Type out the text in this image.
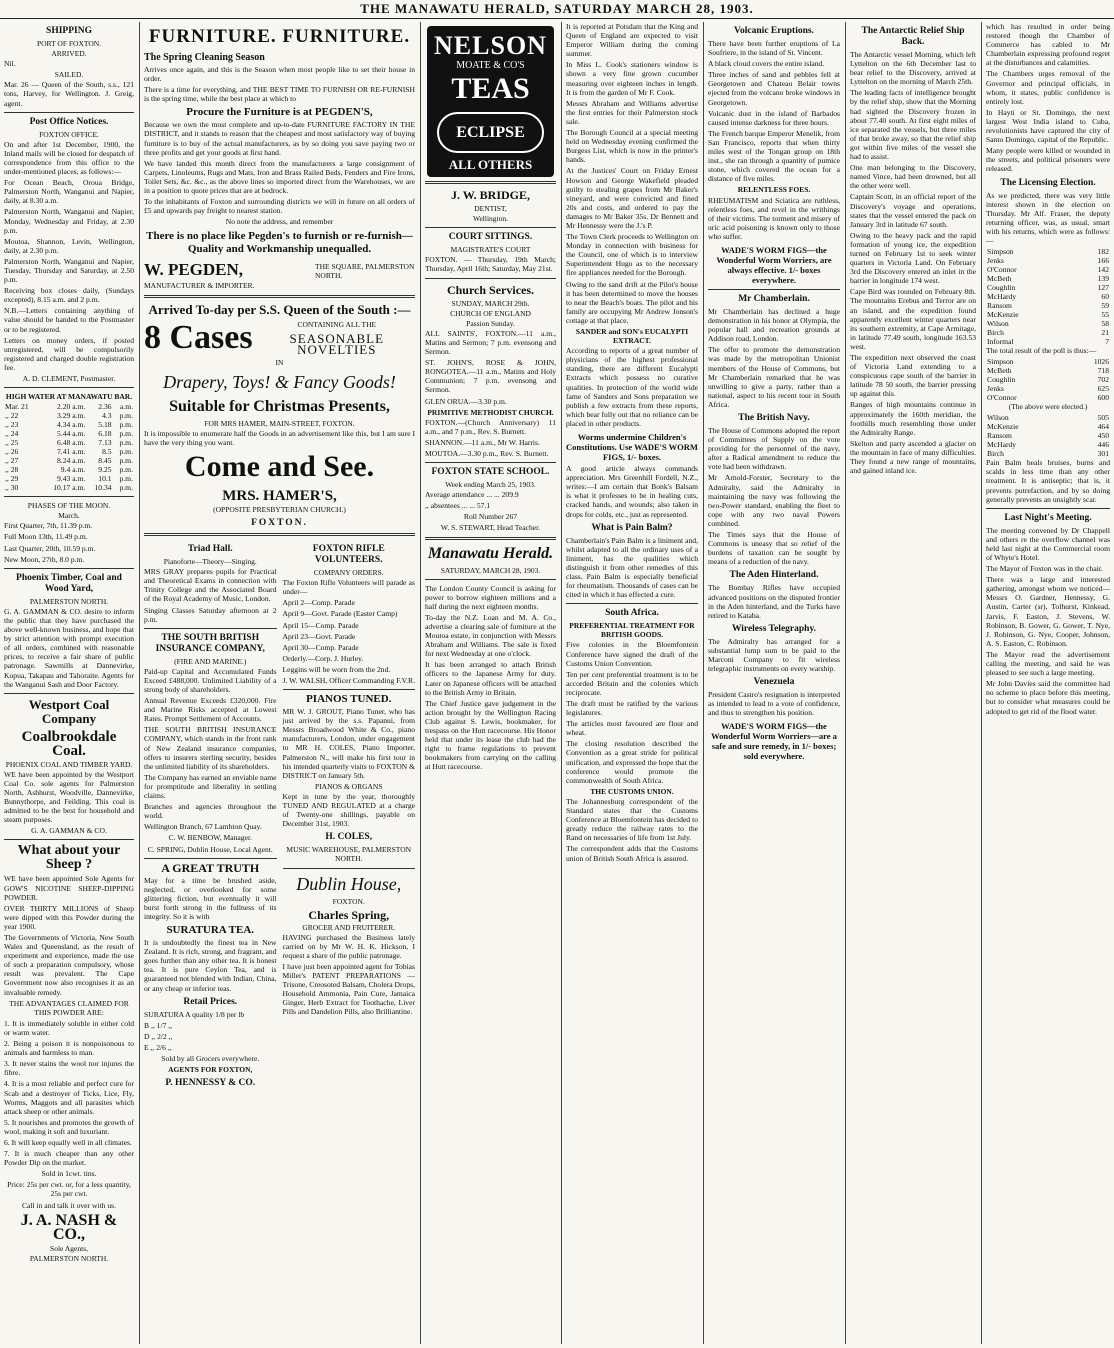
THE MANAWATU HERALD, SATURDAY MARCH 28, 1903.
SHIPPING
PORT OF FOXTON.
ARRIVED.

Nil.

SAILED.

Mar. 26 — Queen of the South, s.s., 121 tons, Harvey, for Wellington. J. Greig, agent.

Post Office Notices.
FOXTON OFFICE.

On and after 1st December, 1900, the Inland mails will be closed for despatch of correspondence from this office to the under-mentioned places, as follows:—

For Ocean Beach, Oroua Bridge, Palmerston North, Wanganui and Napier, daily, at 8.30 a.m.

Palmerston North, Wanganui and Napier, Monday, Wednesday and Friday, at 2.30 p.m.

Moutoa, Shannon, Levin, Wellington, daily, at 2.30 p.m.

Palmerston North, Wanganui and Napier, Tuesday, Thursday and Saturday, at 2.50 p.m.

Receiving box closes daily, (Sundays excepted), 8.15 a.m. and 2 p.m.

N.B.—Letters containing anything of value should be handed to the Postmaster or to be registered.

Letters on money orders, if posted unregistered, will be compulsorily registered and charged double registration fee.

A. D. CLEMENT, Postmaster.

HIGH WATER AT MANAWATU BAR.
Mar. 21	2.20 a.m.	2.36	a.m.
,, 22	3.29 a.m.	4.3	p.m.
,, 23	4.34 a.m.	5.18	p.m.
,, 24	5.44 a.m.	6.18	p.m.
,, 25	6.48 a.m.	7.13	p.m.
,, 26	7.41 a.m.	8.5	p.m.
,, 27	8.24 a.m.	8.45	p.m.
,, 28	9.4 a.m.	9.25	p.m.
,, 29	9.43 a.m.	10.1	p.m.
,, 30	10.17 a.m.	10.34	p.m.
PHASES OF THE MOON.
March.

First Quarter, 7th, 11.39 p.m.

Full Moon 13th, 11.49 p.m.

Last Quarter, 20th, 10.59 p.m.

New Moon, 27th, 8.0 p.m.

Phoenix Timber, Coal and Wood Yard,
PALMERSTON NORTH.

G. A. GAMMAN & CO. desire to inform the public that they have purchased the above well-known business, and hope that by strict attention with prompt execution of all orders, combined with reasonable prices, to receive a fair share of public patronage. Sawmills at Dannevirke, Kopua, Takapau and Tahoraite. Agents for the Wanganui Sash and Door Factory.

Westport Coal Company
Coalbrookdale Coal.
PHOENIX COAL AND TIMBER YARD.

WE have been appointed by the Westport Coal Co. sole agents for Palmerston North, Ashhurst, Woodville, Dannevirke, Bunnythorpe, and Feilding. This coal is admitted to be the best for household and steam purposes.

G. A. GAMMAN & CO.

What about your Sheep ?

WE have been appointed Sole Agents for GOW'S NICOTINE SHEEP-DIPPING POWDER.

OVER THIRTY MILLIONS of Sheep were dipped with this Powder during the year 1900.

The Governments of Victoria, New South Wales and Queensland, as the result of experiment and experience, made the use of such a preparation compulsory, whose result was prevalent. The Cape Government now also recognises it as an invaluable remedy.

THE ADVANTAGES CLAIMED FOR THIS POWDER ARE:

1. It is immediately soluble in either cold or warm water.

2. Being a poison it is nonpoisonous to animals and harmless to man.

3. It never stains the wool nor injures the fibre.

4. It is a most reliable and perfect cure for Scab and a destroyer of Ticks, Lice, Fly, Worms, Maggots and all parasites which attack sheep or other animals.

5. It nourishes and promotes the growth of wool, making it soft and luxuriant.

6. It will keep equally well in all climates.

7. It is much cheaper than any other Powder Dip on the market.

Sold in 1cwt. tins.

Price: 25s per cwt. or, for a less quantity, 25s per cwt.

Call in and talk it over with us.

J. A. NASH & CO.,
Sole Agents,
PALMERSTON NORTH.
FURNITURE. FURNITURE.
The Spring Cleaning Season

Arrives once again, and this is the Season when most people like to set their house in order.

There is a time for everything, and THE BEST TIME TO FURNISH OR RE-FURNISH is the spring time, while the best place at which to

Procure the Furniture is at PEGDEN'S,

Because we own the most complete and up-to-date FURNITURE FACTORY IN THE DISTRICT, and it stands to reason that the cheapest and most satisfactory way of buying furniture is to buy of the actual manufacturers, as by so doing you save paying two or three profits and get your goods at first hand.

We have landed this month direct from the manufacturers a large consignment of Carpets, Linoleums, Rugs and Mats, Iron and Brass Railed Beds, Fenders and Fire Irons, Toilet Sets, &c. &c., as the above lines so imported direct from the Warehouses, we are in a position to quote prices that are at bedrock.

To the inhabitants of Foxton and surrounding districts we will in future on all orders of £5 and upwards pay freight to nearest station.

No note the address, and remember

There is no place like Pegden's to furnish or re-furnish—Quality and Workmanship unequalled.
W. PEGDEN,	THE SQUARE, PALMERSTON NORTH.
MANUFACTURER & IMPORTER.
Arrived To-day per S.S. Queen of the South :—
8 Cases	CONTAINING ALL THE
SEASONABLE NOVELTIES
IN
Drapery, Toys! & Fancy Goods!
Suitable for Christmas Presents,
FOR MRS HAMER, MAIN-STREET, FOXTON.

It is impossible to enumerate half the Goods in an advertisement like this, but I am sure I have the very thing you want.

Come and See.
MRS. HAMER'S,
(OPPOSITE PRESBYTERIAN CHURCH.)
FOXTON.
Triad Hall.
Pianoforte—Theory—Singing.

MRS GRAY prepares pupils for Practical and Theoretical Exams in connection with Trinity College and the Associated Board of the Royal Academy of Music, London.

Singing Classes Saturday afternoon at 2 p.m.

THE SOUTH BRITISH INSURANCE COMPANY,
(FIRE AND MARINE.)

Paid-up Capital and Accumulated Funds Exceed £488,000. Unlimited Liability of a strong body of shareholders.

Annual Revenue Exceeds £320,000. Fire and Marine Risks accepted at Lowest Rates. Prompt Settlement of Accounts.

THE SOUTH BRITISH INSURANCE COMPANY, which stands in the front rank of New Zealand insurance companies, offers to insurers sterling security, besides the unlimited liability of its shareholders.

The Company has earned an enviable name for promptitude and liberality in settling claims.

Branches and agencies throughout the world.

Wellington Branch, 67 Lambton Quay.

C. W. BENBOW, Manager.

C. SPRING, Dublin House, Local Agent.

A GREAT TRUTH

May for a time be brushed aside, neglected, or overlooked for some glittering fiction, but eventually it will burst forth strong in the fullness of its integrity. So it is with

SURATURA TEA.

It is undoubtedly the finest tea in New Zealand. It is rich, strong, and fragrant, and goes further than any other tea. It is honest tea. It is pure Ceylon Tea, and is guaranteed not blended with Indian, China, or any cheap or inferior teas.

Retail Prices.

SURATURA A quality 1/8 per lb

B ,, 1/7 ,,

D ,, 2/2 ,,

E ,, 2/6 ,,

Sold by all Grocers everywhere.

AGENTS FOR FOXTON,
P. HENNESSY & CO.
FOXTON RIFLE VOLUNTEERS.
COMPANY ORDERS.

The Foxton Rifle Volunteers will parade as under—

April 2—Comp. Parade

April 9—Govt. Parade (Easter Camp)

April 15—Comp. Parade

April 23—Govt. Parade

April 30—Comp. Parade

Orderly.—Corp. J. Hurley.

Leggins will be worn from the 2nd.

J. W. WALSH, Officer Commanding F.V.R.

PIANOS TUNED.

MR W. J. GROUT, Piano Tuner, who has just arrived by the s.s. Papanui, from Messrs Broadwood White & Co., piano manufacturers, London, under engagement to MR H. COLES, Piano Importer, Palmerston N., will make his first tour in his intended quarterly visits to FOXTON & DISTRICT on January 5th.

PIANOS & ORGANS

Kept in tune by the year, thoroughly TUNED AND REGULATED at a charge of Twenty-one shillings, payable on December 31st, 1903.

H. COLES,
MUSIC WAREHOUSE, PALMERSTON NORTH.
Dublin House,
FOXTON.
Charles Spring,
GROCER AND FRUITERER.

HAVING purchased the Business lately carried on by Mr W. H. K. Hickson, I request a share of the public patronage.

I have just been appointed agent for Tobias Miller's PATENT PREPARATIONS — Trisone, Creosoted Balsam, Cholera Drops, Household Ammonia, Pain Cure, Jamaica Ginger, Herb Extract for Toothache, Liver Pills and Dandelion Pills, also Brilliantine.

NELSON
MOATE & CO'S
TEAS
ECLIPSE
ALL OTHERS
J. W. BRIDGE,
DENTIST,
Wellington.
COURT SITTINGS.
MAGISTRATE'S COURT

FOXTON. — Thursday, 19th March; Thursday, April 16th; Saturday, May 21st.

Church Services.
SUNDAY, MARCH 29th.
CHURCH OF ENGLAND
Passion Sunday.

ALL SAINTS', FOXTON.—11 a.m., Matins and Sermon; 7 p.m. evensong and Sermon.

ST. JOHN'S, ROSE & JOHN, RONGOTEA.—11 a.m., Matins and Holy Communion; 7 p.m. evensong and Sermon.

GLEN ORUA.—3.30 p.m.

PRIMITIVE METHODIST CHURCH.

FOXTON.—(Church Anniversary) 11 a.m., and 7 p.m., Rev. S. Burnett.

SHANNON.—11 a.m., Mr W. Harris.

MOUTOA.—3.30 p.m., Rev. S. Burnett.

FOXTON STATE SCHOOL.
Week ending March 25, 1903.

Average attendance ... ... 209.9

,, absentees ... ... 57.1

Roll Number 267

W. S. STEWART, Head Teacher.

Manawatu Herald.
SATURDAY, MARCH 28, 1903.

The London County Council is asking for power to borrow eighteen millions and a half during the next eighteen months.

To-day the N.Z. Loan and M. A. Co., advertise a clearing sale of furniture at the Moutoa estate, in conjunction with Messrs Abraham and Williams. The sale is fixed for next Wednesday at one o'clock.

It has been arranged to attach British officers to the Japanese Army for duty. Later on Japanese officers will be attached to the British Army in Britain.

The Chief Justice gave judgement in the action brought by the Wellington Racing Club against S. Lewis, bookmaker, for trespass on the Hutt racecourse. His Honor held that under its lease the club had the right to frame regulations to prevent bookmakers from carrying on the calling at Hutt racecourse.

It is reported at Potsdam that the King and Queen of England are expected to visit Emperor William during the coming summer.

In Miss L. Cook's stationers window is shown a very fine grown cucumber measuring over eighteen inches in length. It is from the garden of Mr F. Cook.

Messrs Abraham and Williams advertise the first entries for their Palmerston stock sale.

The Borough Council at a special meeting held on Wednesday evening confirmed the Burgess List, which is now in the printer's hands.

At the Justices' Court on Friday Ernest Howson and George Wakefield pleaded guilty to stealing grapes from Mr Baker's vineyard, and were convicted and fined 20s and costs, and ordered to pay the damages to Mr Baker 35s. Dr Bennett and Mr Hennessy were the J.'s P.

The Town Clerk proceeds to Wellington on Monday in connection with business for the Council, one of which is to interview Superintendent Hugo as to the necessary fire appliances needed for the Borough.

Owing to the sand drift at the Pilot's house it has been determined to move the houses to near the Beach's boats. The pilot and his family are occupying Mr Andrew Jonson's cottage at that place.

SANDER and SON's EUCALYPTI EXTRACT.

According to reports of a great number of physicians of the highest professional standing, there are different Eucalypti Extracts which possess no curative qualities. In protection of the world wide fame of Sanders and Sons preparation we publish a few extracts from these reports, which bear fully out that no reliance can be placed in other products.

Worms undermine Children's Constitutions. Use WADE'S WORM FIGS, 1/- boxes.

A good article always commands appreciation. Mrs Greenhill Fordell, N.Z., writes:—I am certain that Bonk's Balsam is what it professes to be in healing cuts, cracked hands, and wounds; also taken in drops for colds, etc., just as represented.

What is Pain Balm?

Chamberlain's Pain Balm is a liniment and, whilst adapted to all the ordinary uses of a liniment, has the qualities which distinguish it from other remedies of this class. Pain Balm is especially beneficial for rheumatism. Thousands of cases can be cited in which it has effected a cure.

South Africa.
PREFERENTIAL TREATMENT FOR BRITISH GOODS.

Five colonies in the Bloemfontein Conference have signed the draft of the Customs Union Convention.

Ten per cent preferential treatment is to be accorded Britain and the colonies which reciprocate.

The draft must be ratified by the various legislatures.

The articles most favoured are flour and wheat.

The closing resolution described the Convention as a great stride for political unification, and expressed the hope that the conference would promote the commonwealth of South Africa.

THE CUSTOMS UNION.

The Johannesburg correspondent of the Standard states that the Customs Conference at Bloemfontein has decided to greatly reduce the railway rates to the Rand on necessaries of life from 1st July.

The correspondent adds that the Customs union of British South Africa is assured.

Volcanic Eruptions.

There have been further eruptions of La Soufriere, in the island of St. Vincent.

A black cloud covers the entire island.

Three inches of sand and pebbles fell at Georgetown and Chateau Belair towns ejected from the volcano broke windows in Georgetown.

Volcanic dust in the island of Barbados caused intense darkness for three hours.

The French barque Emperor Menelik, from San Francisco, reports that when thirty miles west of the Tongan group on 18th inst., she ran through a quantity of pumice stone, which covered the ocean for a distance of five miles.

RELENTLESS FOES.

RHEUMATISM and Sciatica are ruthless, relentless foes, and revel in the writhings of their victims. The torment and misery of uric acid poisoning is known only to those who suffer.

WADE'S WORM FIGS—the Wonderful Worm Worriers, are always effective. 1/- boxes everywhere.
Mr Chamberlain.

Mr Chamberlain has declined a huge demonstration in his honor at Olympia, the popular hall and recreation grounds at Addison road, London.

The offer to promote the demonstration was made by the metropolitan Unionist members of the House of Commons, but Mr Chamberlain remarked that he was unwilling to give a party, rather than a national, aspect to his recent tour in South Africa.

The British Navy.

The House of Commons adopted the report of Committees of Supply on the vote providing for the personnel of the navy, after a Radical amendment to reduce the vote had been withdrawn.

Mr Arnold-Forster, Secretary to the Admiralty, said the Admiralty in maintaining the navy was following the two-Power standard, enabling the fleet to cope with any two naval Powers combined.

The Times says that the House of Commons is uneasy that so relief of the burdens of taxation can be sought by means of a reduction of the navy.

The Aden Hinterland.

The Bombay Rifles have occupied advanced positions on the disputed frontier in the Aden hinterland, and the Turks have retired to Kataba.

Wireless Telegraphy.

The Admiralty has arranged for a substantial lump sum to be paid to the Marconi Company to fit wireless telegraphic instruments on every warship.

Venezuela

President Castro's resignation is interpreted as intended to lead to a vote of confidence, and thus to strengthen his position.

WADE'S WORM FIGS—the Wonderful Worm Worriers—are a safe and sure remedy, in 1/- boxes; sold everywhere.
The Antarctic Relief Ship Back.

The Antarctic vessel Morning, which left Lyttelton on the 6th December last to bear relief to the Discovery, arrived at Lyttelton on the morning of March 25th.

The leading facts of intelligence brought by the relief ship, show that the Morning had sighted the Discovery frozen in about 77.40 south. At first eight miles of ice separated the vessels, but three miles of that broke away, so that the relief ship got within five miles of the vessel she had to assist.

One man belonging to the Discovery, named Vince, had been drowned, but all the other were well.

Captain Scott, in an official report of the Discovery's voyage and operations, states that the vessel entered the pack on January 3rd in latitude 67 south.

Owing to the heavy pack and the rapid formation of young ice, the expedition turned on February 1st to seek winter quarters in Victoria Land. On February 3rd the Discovery entered an inlet in the barrier in longitude 174 west.

Cape Bird was rounded on February 8th. The mountains Erebus and Terror are on an island, and the expedition found apparently excellent winter quarters near its southern extremity, at Cape Armitage, in latitude 77.49 south, longitude 163.53 west.

The expedition next observed the coast of Victoria Land extending to a conspicuous cape south of the barrier in latitude 78 50 south, the barrier pressing up against this.

Ranges of high mountains continue in approximately the 160th meridian, the foothills much resembling those under the Admiralty Range.

Skelton and party ascended a glacier on the mountain in face of many difficulties. They found a new range of mountains, and gained inland ice.

which has resulted in order being restored though the Chamber of Commerce has cabled to Mr Chamberlain expressing profound regret at the disturbances and calamities.

The Chambers urges removal of the Governor and principal officials, in whom, it states, public confidence is entirely lost.

In Hayti or St. Domingo, the next largest West India island to Cuba, revolutionists have captured the city of Santo Domingo, capital of the Republic.

Many people were killed or wounded in the streets, and political prisoners were released.

The Licensing Election.

As we predicted, there was very little interest shown in the election on Thursday. Mr Alf. Fraser, the deputy returning officer, was, as usual, smart with his returns, which were as follows:—

Simpson	182
Jenks	166
O'Connor	142
McBeth	139
Coughlin	127
McHardy	60
Ransom	59
McKenzie	55
Wilson	58
Birch	21
Informal	7

The total result of the poll is thus:—

Simpson	1026
McBeth	718
Coughlin	702
Jenks	625
O'Connor	600

(The above were elected.)

Wilson	505
McKenzie	464
Ransom	450
McHardy	446
Birch	301

Pain Balm heals bruises, burns and scalds in less time than any other treatment. It is antiseptic; that is, it prevents putrefaction, and by so doing generally prevents an unsightly scar.

Last Night's Meeting.

The meeting convened by Dr Chappell and others re the overflow channel was held last night at the Commercial room of Whyte's Hotel.

The Mayor of Foxton was in the chair.

There was a large and interested gathering, amongst whom we noticed—Messrs O. Gardner, Hennessy, G. Austin, Carter (sr), Tolhurst, Kinkead, Jarvis, F. Easton, J. Stevens, W. Robinson, B. Gower, G. Gower, T. Nye, J. Robinson, G. Nye, Cooper, Johnson, A. S. Easton, C. Robinson.

The Mayor read the advertisement calling the meeting, and said he was pleased to see such a large meeting.

Mr John Davies said the committee had no scheme to place before this meeting, but to consider what measures could be adopted to get rid of the flood water.
